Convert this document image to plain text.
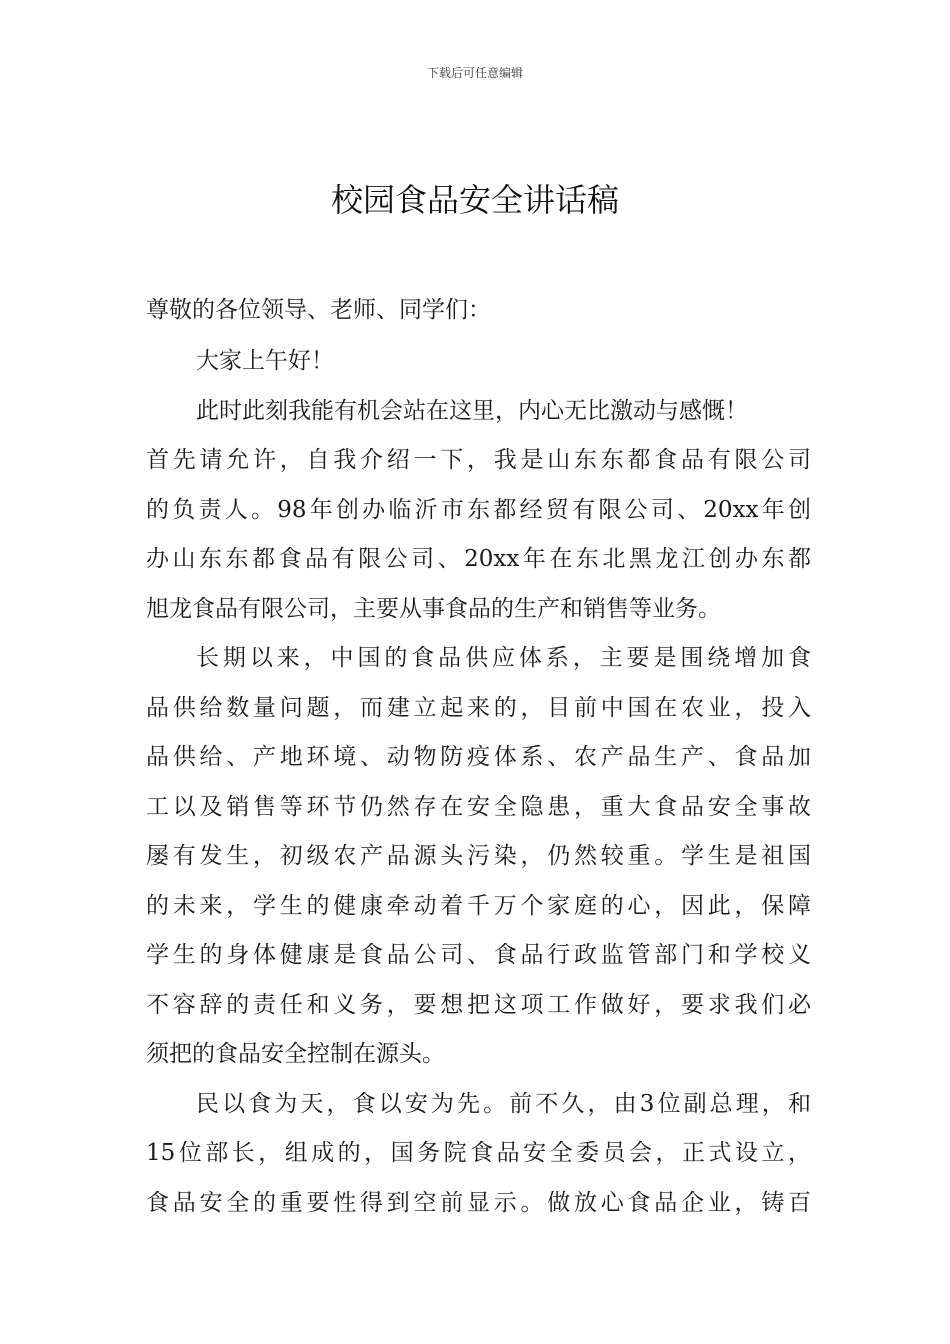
下载后可任意编辑
校园食品安全讲话稿
尊敬的各位领导、老师、同学们：
大家上午好！
此时此刻我能有机会站在这里，内心无比激动与感慨！
首先请允许，自我介绍一下，我是山东东都食品有限公司
的负责人。98年创办临沂市东都经贸有限公司、20xx年创
办山东东都食品有限公司、20xx年在东北黑龙江创办东都
旭龙食品有限公司，主要从事食品的生产和销售等业务。
长期以来，中国的食品供应体系，主要是围绕增加食
品供给数量问题，而建立起来的，目前中国在农业，投入
品供给、产地环境、动物防疫体系、农产品生产、食品加
工以及销售等环节仍然存在安全隐患，重大食品安全事故
屡有发生，初级农产品源头污染，仍然较重。学生是祖国
的未来，学生的健康牵动着千万个家庭的心，因此，保障
学生的身体健康是食品公司、食品行政监管部门和学校义
不容辞的责任和义务，要想把这项工作做好，要求我们必
须把的食品安全控制在源头。
民以食为天，食以安为先。前不久，由3位副总理，和
15位部长，组成的，国务院食品安全委员会，正式设立，
食品安全的重要性得到空前显示。做放心食品企业，铸百
